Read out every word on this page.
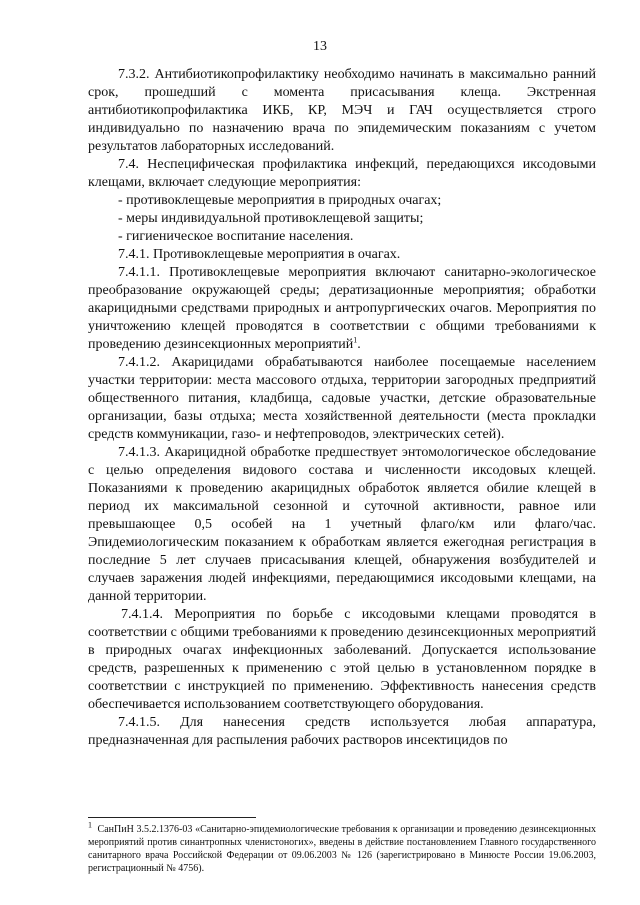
13

7.3.2. Антибиотикопрофилактику необходимо начинать в максимально ранний срок, прошедший с момента присасывания клеща. Экстренная антибиотикопрофилактика ИКБ, КР, МЭЧ и ГАЧ осуществляется строго индивидуально по назначению врача по эпидемическим показаниям с учетом результатов лабораторных исследований.

7.4. Неспецифическая профилактика инфекций, передающихся иксодовыми клещами, включает следующие мероприятия:

- противоклещевые мероприятия в природных очагах;

- меры индивидуальной противоклещевой защиты;

- гигиеническое воспитание населения.

7.4.1. Противоклещевые мероприятия в очагах.

7.4.1.1. Противоклещевые мероприятия включают санитарно-экологическое преобразование окружающей среды; дератизационные мероприятия; обработки акарицидными средствами природных и антропургических очагов. Мероприятия по уничтожению клещей проводятся в соответствии с общими требованиями к проведению дезинсекционных мероприятий$^1$.

7.4.1.2. Акарицидами обрабатываются наиболее посещаемые населением участки территории: места массового отдыха, территории загородных предприятий общественного питания, кладбища, садовые участки, детские образовательные организации, базы отдыха; места хозяйственной деятельности (места прокладки средств коммуникации, газо- и нефтепроводов, электрических сетей).

7.4.1.3. Акарицидной обработке предшествует энтомологическое обследование с целью определения видового состава и численности иксодовых клещей. Показаниями к проведению акарицидных обработок является обилие клещей в период их максимальной сезонной и суточной активности, равное или превышающее 0,5 особей на 1 учетный флаго/км или флаго/час. Эпидемиологическим показанием к обработкам является ежегодная регистрация в последние 5 лет случаев присасывания клещей, обнаружения возбудителей и случаев заражения людей инфекциями, передающимися иксодовыми клещами, на данной территории.

7.4.1.4. Мероприятия по борьбе с иксодовыми клещами проводятся в соответствии с общими требованиями к проведению дезинсекционных мероприятий в природных очагах инфекционных заболеваний. Допускается использование средств, разрешенных к применению с этой целью в установленном порядке в соответствии с инструкцией по применению. Эффективность нанесения средств обеспечивается использованием соответствующего оборудования.

7.4.1.5. Для нанесения средств используется любая аппаратура, предназначенная для распыления рабочих растворов инсектицидов по

$^1$ СанПиН 3.5.2.1376-03 «Санитарно-эпидемиологические требования к организации и проведению дезинсекционных мероприятий против синантропных членистоногих», введены в действие постановлением Главного государственного санитарного врача Российской Федерации от 09.06.2003 № 126 (зарегистрировано в Минюсте России 19.06.2003, регистрационный № 4756).
